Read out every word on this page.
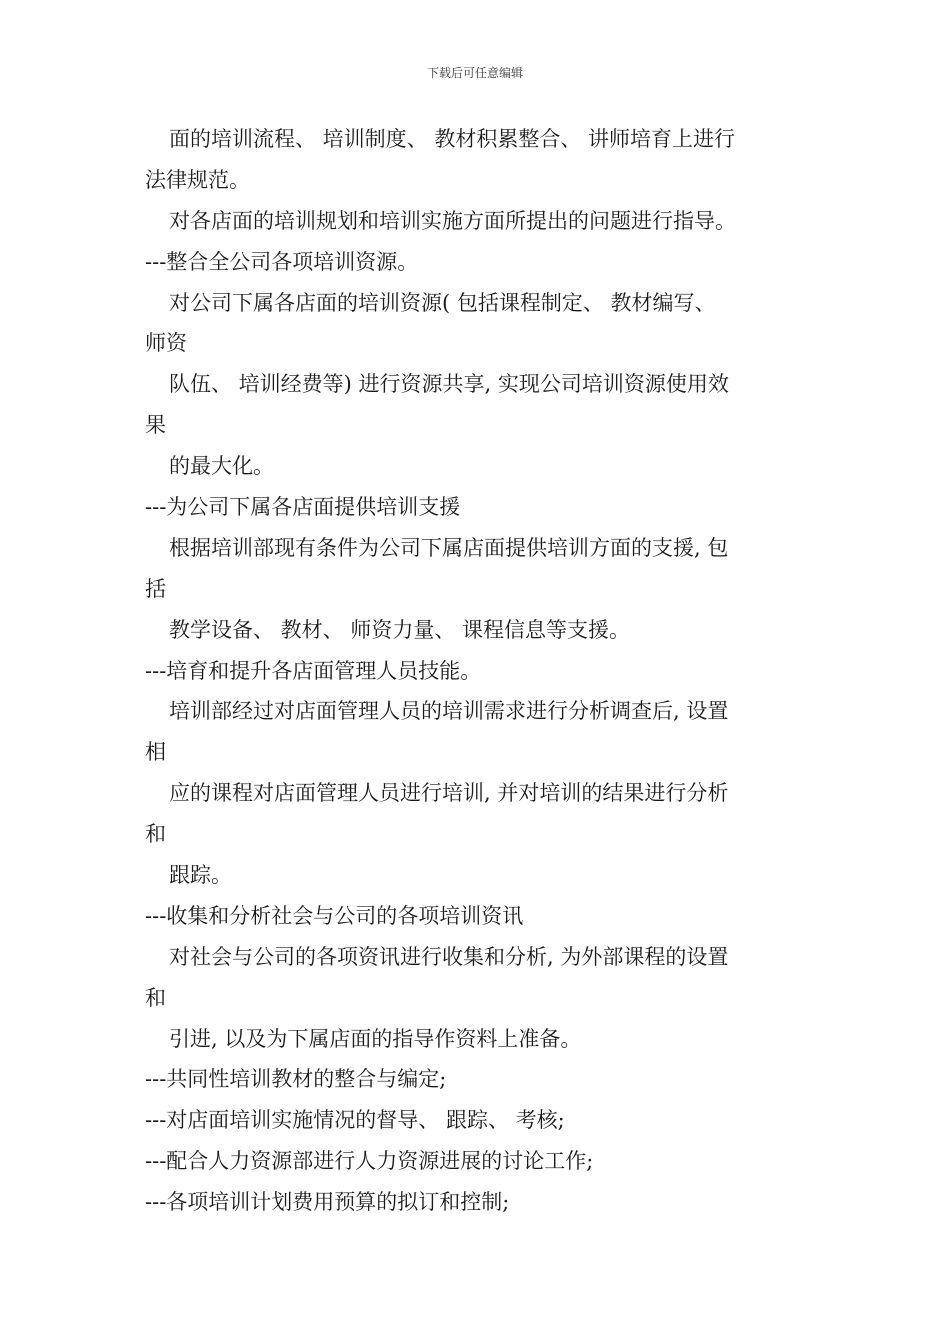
下载后可任意编辑
面的培训流程、 培训制度、 教材积累整合、 讲师培育上进行
法律规范。
对各店面的培训规划和培训实施方面所提出的问题进行指导。
---整合全公司各项培训资源。
对公司下属各店面的培训资源( 包括课程制定、 教材编写、
师资
队伍、 培训经费等) 进行资源共享, 实现公司培训资源使用效
果
的最大化。
---为公司下属各店面提供培训支援
根据培训部现有条件为公司下属店面提供培训方面的支援, 包
括
教学设备、 教材、 师资力量、 课程信息等支援。
---培育和提升各店面管理人员技能。
培训部经过对店面管理人员的培训需求进行分析调查后, 设置
相
应的课程对店面管理人员进行培训, 并对培训的结果进行分析
和
跟踪。
---收集和分析社会与公司的各项培训资讯
对社会与公司的各项资讯进行收集和分析, 为外部课程的设置
和
引进, 以及为下属店面的指导作资料上准备。
---共同性培训教材的整合与编定;
---对店面培训实施情况的督导、 跟踪、 考核;
---配合人力资源部进行人力资源进展的讨论工作;
---各项培训计划费用预算的拟订和控制;
